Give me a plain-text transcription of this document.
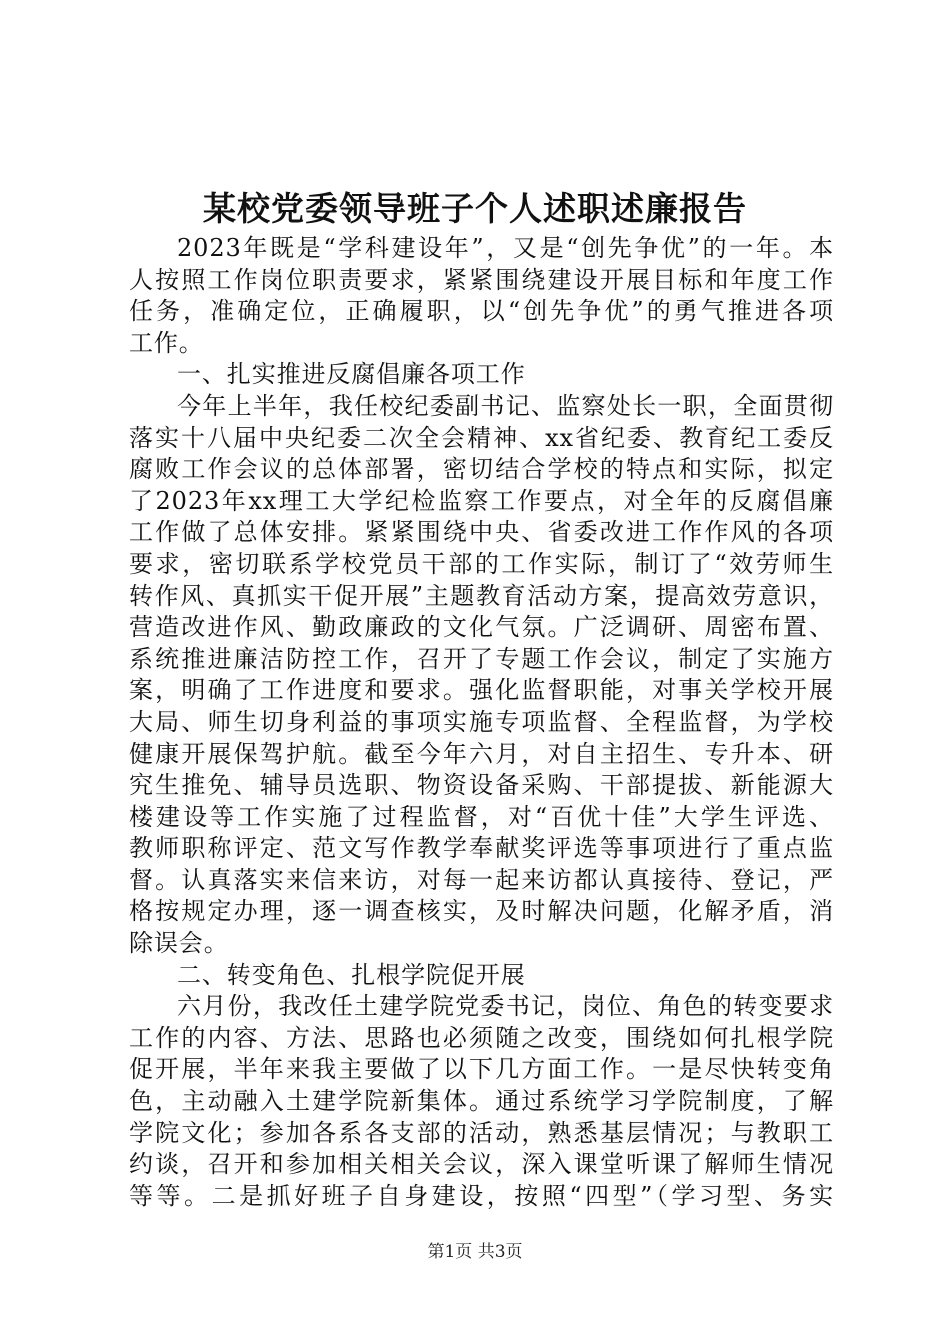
某校党委领导班子个人述职述廉报告
2023年既是“学科建设年”，又是“创先争优”的一年。本
人按照工作岗位职责要求，紧紧围绕建设开展目标和年度工作
任务，准确定位，正确履职，以“创先争优”的勇气推进各项
工作。
一、扎实推进反腐倡廉各项工作
今年上半年，我任校纪委副书记、监察处长一职，全面贯彻
落实十八届中央纪委二次全会精神、xx省纪委、教育纪工委反
腐败工作会议的总体部署，密切结合学校的特点和实际，拟定
了2023年xx理工大学纪检监察工作要点，对全年的反腐倡廉
工作做了总体安排。紧紧围绕中央、省委改进工作作风的各项
要求，密切联系学校党员干部的工作实际，制订了“效劳师生
转作风、真抓实干促开展”主题教育活动方案，提高效劳意识，
营造改进作风、勤政廉政的文化气氛。广泛调研、周密布置、
系统推进廉洁防控工作，召开了专题工作会议，制定了实施方
案，明确了工作进度和要求。强化监督职能，对事关学校开展
大局、师生切身利益的事项实施专项监督、全程监督，为学校
健康开展保驾护航。截至今年六月，对自主招生、专升本、研
究生推免、辅导员选职、物资设备采购、干部提拔、新能源大
楼建设等工作实施了过程监督，对“百优十佳”大学生评选、
教师职称评定、范文写作教学奉献奖评选等事项进行了重点监
督。认真落实来信来访，对每一起来访都认真接待、登记，严
格按规定办理，逐一调查核实，及时解决问题，化解矛盾，消
除误会。
二、转变角色、扎根学院促开展
六月份，我改任土建学院党委书记，岗位、角色的转变要求
工作的内容、方法、思路也必须随之改变，围绕如何扎根学院
促开展，半年来我主要做了以下几方面工作。一是尽快转变角
色，主动融入土建学院新集体。通过系统学习学院制度，了解
学院文化；参加各系各支部的活动，熟悉基层情况；与教职工
约谈，召开和参加相关相关会议，深入课堂听课了解师生情况
等等。二是抓好班子自身建设，按照“四型”（学习型、务实
第1页 共3页
